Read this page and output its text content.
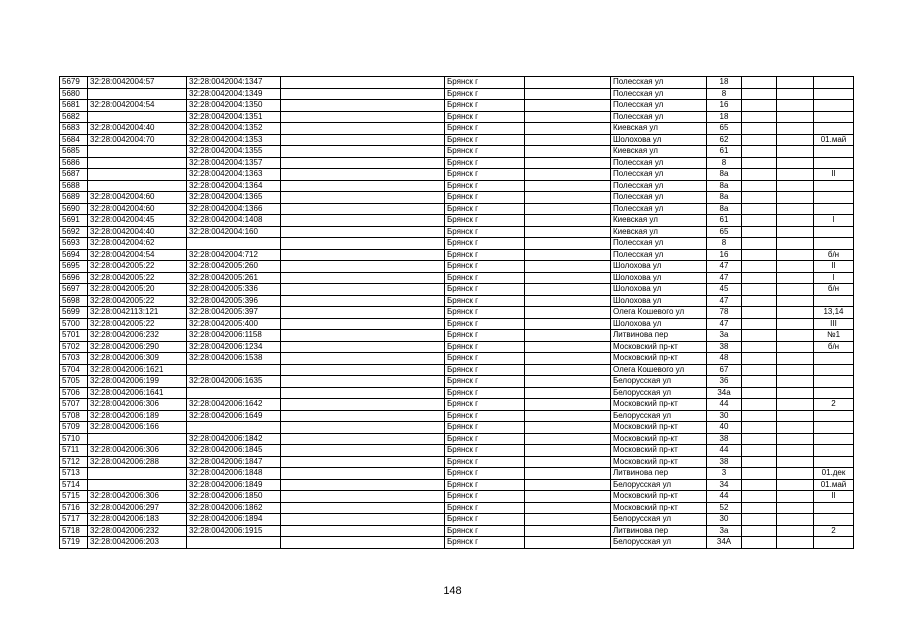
5679	32:28:0042004:57	32:28:0042004:1347		Брянск г		Полесская ул	18			
5680		32:28:0042004:1349		Брянск г		Полесская ул	8			
5681	32:28:0042004:54	32:28:0042004:1350		Брянск г		Полесская ул	16			
5682		32:28:0042004:1351		Брянск г		Полесская ул	18			
5683	32:28:0042004:40	32:28:0042004:1352		Брянск г		Киевская ул	65			
5684	32:28:0042004:70	32:28:0042004:1353		Брянск г		Шолохова ул	62			01.май
5685		32:28:0042004:1355		Брянск г		Киевская ул	61			
5686		32:28:0042004:1357		Брянск г		Полесская ул	8			
5687		32:28:0042004:1363		Брянск г		Полесская ул	8а			II
5688		32:28:0042004:1364		Брянск г		Полесская ул	8а			
5689	32:28:0042004:60	32:28:0042004:1365		Брянск г		Полесская ул	8а			
5690	32:28:0042004:60	32:28:0042004:1366		Брянск г		Полесская ул	8а			
5691	32:28:0042004:45	32:28:0042004:1408		Брянск г		Киевская ул	61			I
5692	32:28:0042004:40	32:28:0042004:160		Брянск г		Киевская ул	65			
5693	32:28:0042004:62			Брянск г		Полесская ул	8			
5694	32:28:0042004:54	32:28:0042004:712		Брянск г		Полесская ул	16			б/н
5695	32:28:0042005:22	32:28:0042005:260		Брянск г		Шолохова ул	47			II
5696	32:28:0042005:22	32:28:0042005:261		Брянск г		Шолохова ул	47			I
5697	32:28:0042005:20	32:28:0042005:336		Брянск г		Шолохова ул	45			б/н
5698	32:28:0042005:22	32:28:0042005:396		Брянск г		Шолохова ул	47			
5699	32:28:0042113:121	32:28:0042005:397		Брянск г		Олега Кошевого ул	78			13,14
5700	32:28:0042005:22	32:28:0042005:400		Брянск г		Шолохова ул	47			III
5701	32:28:0042006:232	32:28:0042006:1158		Брянск г		Литвинова пер	3а			№1
5702	32:28:0042006:290	32:28:0042006:1234		Брянск г		Московский пр-кт	38			б/н
5703	32:28:0042006:309	32:28:0042006:1538		Брянск г		Московский пр-кт	48			
5704	32:28:0042006:1621			Брянск г		Олега Кошевого ул	67			
5705	32:28:0042006:199	32:28:0042006:1635		Брянск г		Белорусская ул	36			
5706	32:28:0042006:1641			Брянск г		Белорусская ул	34а			
5707	32:28:0042006:306	32:28:0042006:1642		Брянск г		Московский пр-кт	44			2
5708	32:28:0042006:189	32:28:0042006:1649		Брянск г		Белорусская ул	30			
5709	32:28:0042006:166			Брянск г		Московский пр-кт	40			
5710		32:28:0042006:1842		Брянск г		Московский пр-кт	38			
5711	32:28:0042006:306	32:28:0042006:1845		Брянск г		Московский пр-кт	44			
5712	32:28:0042006:288	32:28:0042006:1847		Брянск г		Московский пр-кт	38			
5713		32:28:0042006:1848		Брянск г		Литвинова пер	3			01.дек
5714		32:28:0042006:1849		Брянск г		Белорусская ул	34			01.май
5715	32:28:0042006:306	32:28:0042006:1850		Брянск г		Московский пр-кт	44			II
5716	32:28:0042006:297	32:28:0042006:1862		Брянск г		Московский пр-кт	52			
5717	32:28:0042006:183	32:28:0042006:1894		Брянск г		Белорусская ул	30			
5718	32:28:0042006:232	32:28:0042006:1915		Брянск г		Литвинова пер	3а			2
5719	32:28:0042006:203			Брянск г		Белорусская ул	34А			
148
